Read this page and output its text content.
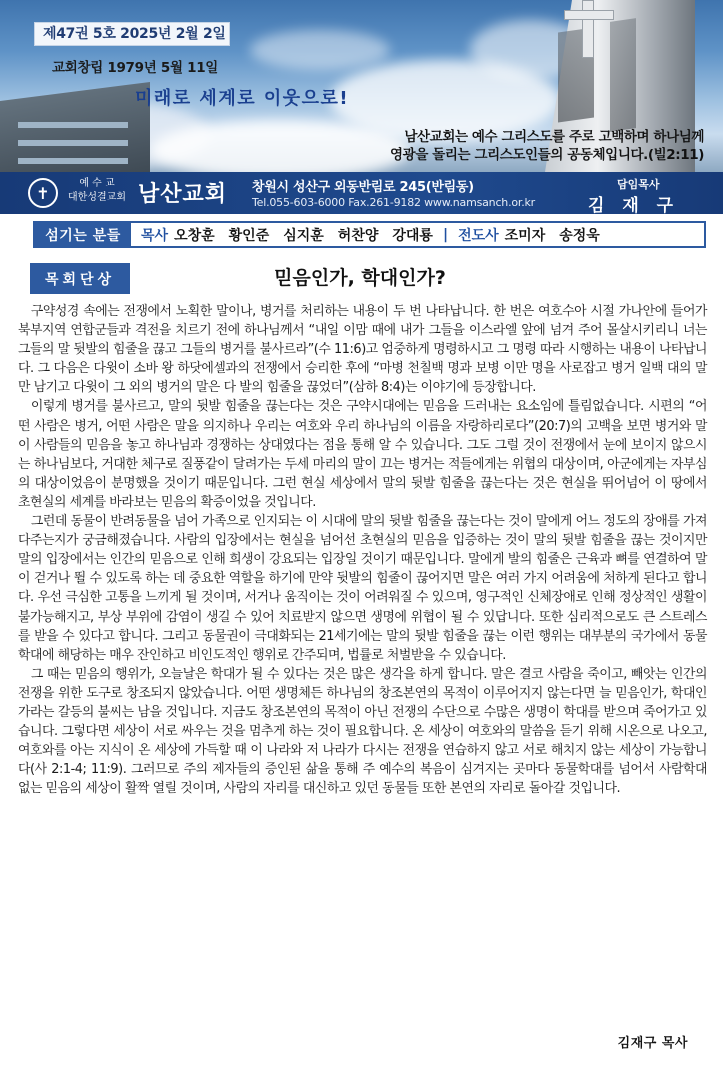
제47권 5호 2025년 2월 2일
교회창립 1979년 5월 11일
미래로 세계로 이웃으로!
남산교회는 예수 그리스도를 주로 고백하며 하나님께
영광을 돌리는 그리스도인들의 공동체입니다.(빌2:11)
✝	예 수 교
대한성결교회 남산교회 창원시 성산구 외동반림로 245(반림동)
Tel.055-603-6000 Fax.261-9182 www.namsanch.or.kr
담임목사
김 재 구
섬기는 분들	목사 오창훈 황인준 심지훈 허찬양 강대룡 | 전도사 조미자 송정욱
목회단상	믿음인가, 학대인가?

구약성경 속에는 전쟁에서 노획한 말이나, 병거를 처리하는 내용이 두 번 나타납니다. 한 번은 여호수아 시절 가나안에 들어가 북부지역 연합군들과 격전을 치르기 전에 하나님께서 “내일 이맘 때에 내가 그들을 이스라엘 앞에 넘겨 주어 몰살시키리니 너는 그들의 말 뒷발의 힘줄을 끊고 그들의 병거를 불사르라”(수 11:6)고 엄중하게 명령하시고 그 명령 따라 시행하는 내용이 나타납니다. 그 다음은 다윗이 소바 왕 하닷에셀과의 전쟁에서 승리한 후에 “마병 천칠백 명과 보병 이만 명을 사로잡고 병거 일백 대의 말만 남기고 다윗이 그 외의 병거의 말은 다 발의 힘줄을 끊었더”(삼하 8:4)는 이야기에 등장합니다.

이렇게 병거를 불사르고, 말의 뒷발 힘줄을 끊는다는 것은 구약시대에는 믿음을 드러내는 요소임에 틀림없습니다. 시편의 “어떤 사람은 병거, 어떤 사람은 말을 의지하나 우리는 여호와 우리 하나님의 이름을 자랑하리로다”(20:7)의 고백을 보면 병거와 말이 사람들의 믿음을 놓고 하나님과 경쟁하는 상대였다는 점을 통해 알 수 있습니다. 그도 그럴 것이 전쟁에서 눈에 보이지 않으시는 하나님보다, 거대한 체구로 질풍같이 달려가는 두세 마리의 말이 끄는 병거는 적들에게는 위협의 대상이며, 아군에게는 자부심의 대상이었음이 분명했을 것이기 때문입니다. 그런 현실 세상에서 말의 뒷발 힘줄을 끊는다는 것은 현실을 뛰어넘어 이 땅에서 초현실의 세계를 바라보는 믿음의 확증이었을 것입니다.

그런데 동물이 반려동물을 넘어 가족으로 인지되는 이 시대에 말의 뒷발 힘줄을 끊는다는 것이 말에게 어느 정도의 장애를 가져다주는지가 궁금해졌습니다. 사람의 입장에서는 현실을 넘어선 초현실의 믿음을 입증하는 것이 말의 뒷발 힘줄을 끊는 것이지만 말의 입장에서는 인간의 믿음으로 인해 희생이 강요되는 입장일 것이기 때문입니다. 말에게 발의 힘줄은 근육과 뼈를 연결하여 말이 걷거나 뛸 수 있도록 하는 데 중요한 역할을 하기에 만약 뒷발의 힘줄이 끊어지면 말은 여러 가지 어려움에 처하게 된다고 합니다. 우선 극심한 고통을 느끼게 될 것이며, 서거나 움직이는 것이 어려워질 수 있으며, 영구적인 신체장애로 인해 정상적인 생활이 불가능해지고, 부상 부위에 감염이 생길 수 있어 치료받지 않으면 생명에 위협이 될 수 있답니다. 또한 심리적으로도 큰 스트레스를 받을 수 있다고 합니다. 그리고 동물권이 극대화되는 21세기에는 말의 뒷발 힘줄을 끊는 이런 행위는 대부분의 국가에서 동물 학대에 해당하는 매우 잔인하고 비인도적인 행위로 간주되며, 법률로 처벌받을 수 있습니다.

그 때는 믿음의 행위가, 오늘날은 학대가 될 수 있다는 것은 많은 생각을 하게 합니다. 말은 결코 사람을 죽이고, 빼앗는 인간의 전쟁을 위한 도구로 창조되지 않았습니다. 어떤 생명체든 하나님의 창조본연의 목적이 이루어지지 않는다면 늘 믿음인가, 학대인가라는 갈등의 불씨는 남을 것입니다. 지금도 창조본연의 목적이 아닌 전쟁의 수단으로 수많은 생명이 학대를 받으며 죽어가고 있습니다. 그렇다면 세상이 서로 싸우는 것을 멈추게 하는 것이 필요합니다. 온 세상이 여호와의 말씀을 듣기 위해 시온으로 나오고, 여호와를 아는 지식이 온 세상에 가득할 때 이 나라와 저 나라가 다시는 전쟁을 연습하지 않고 서로 해치지 않는 세상이 가능합니다(사 2:1-4; 11:9). 그러므로 주의 제자들의 증인된 삶을 통해 주 예수의 복음이 심겨지는 곳마다 동물학대를 넘어서 사람학대 없는 믿음의 세상이 활짝 열릴 것이며, 사람의 자리를 대신하고 있던 동물들 또한 본연의 자리로 돌아갈 것입니다.

김재구 목사
